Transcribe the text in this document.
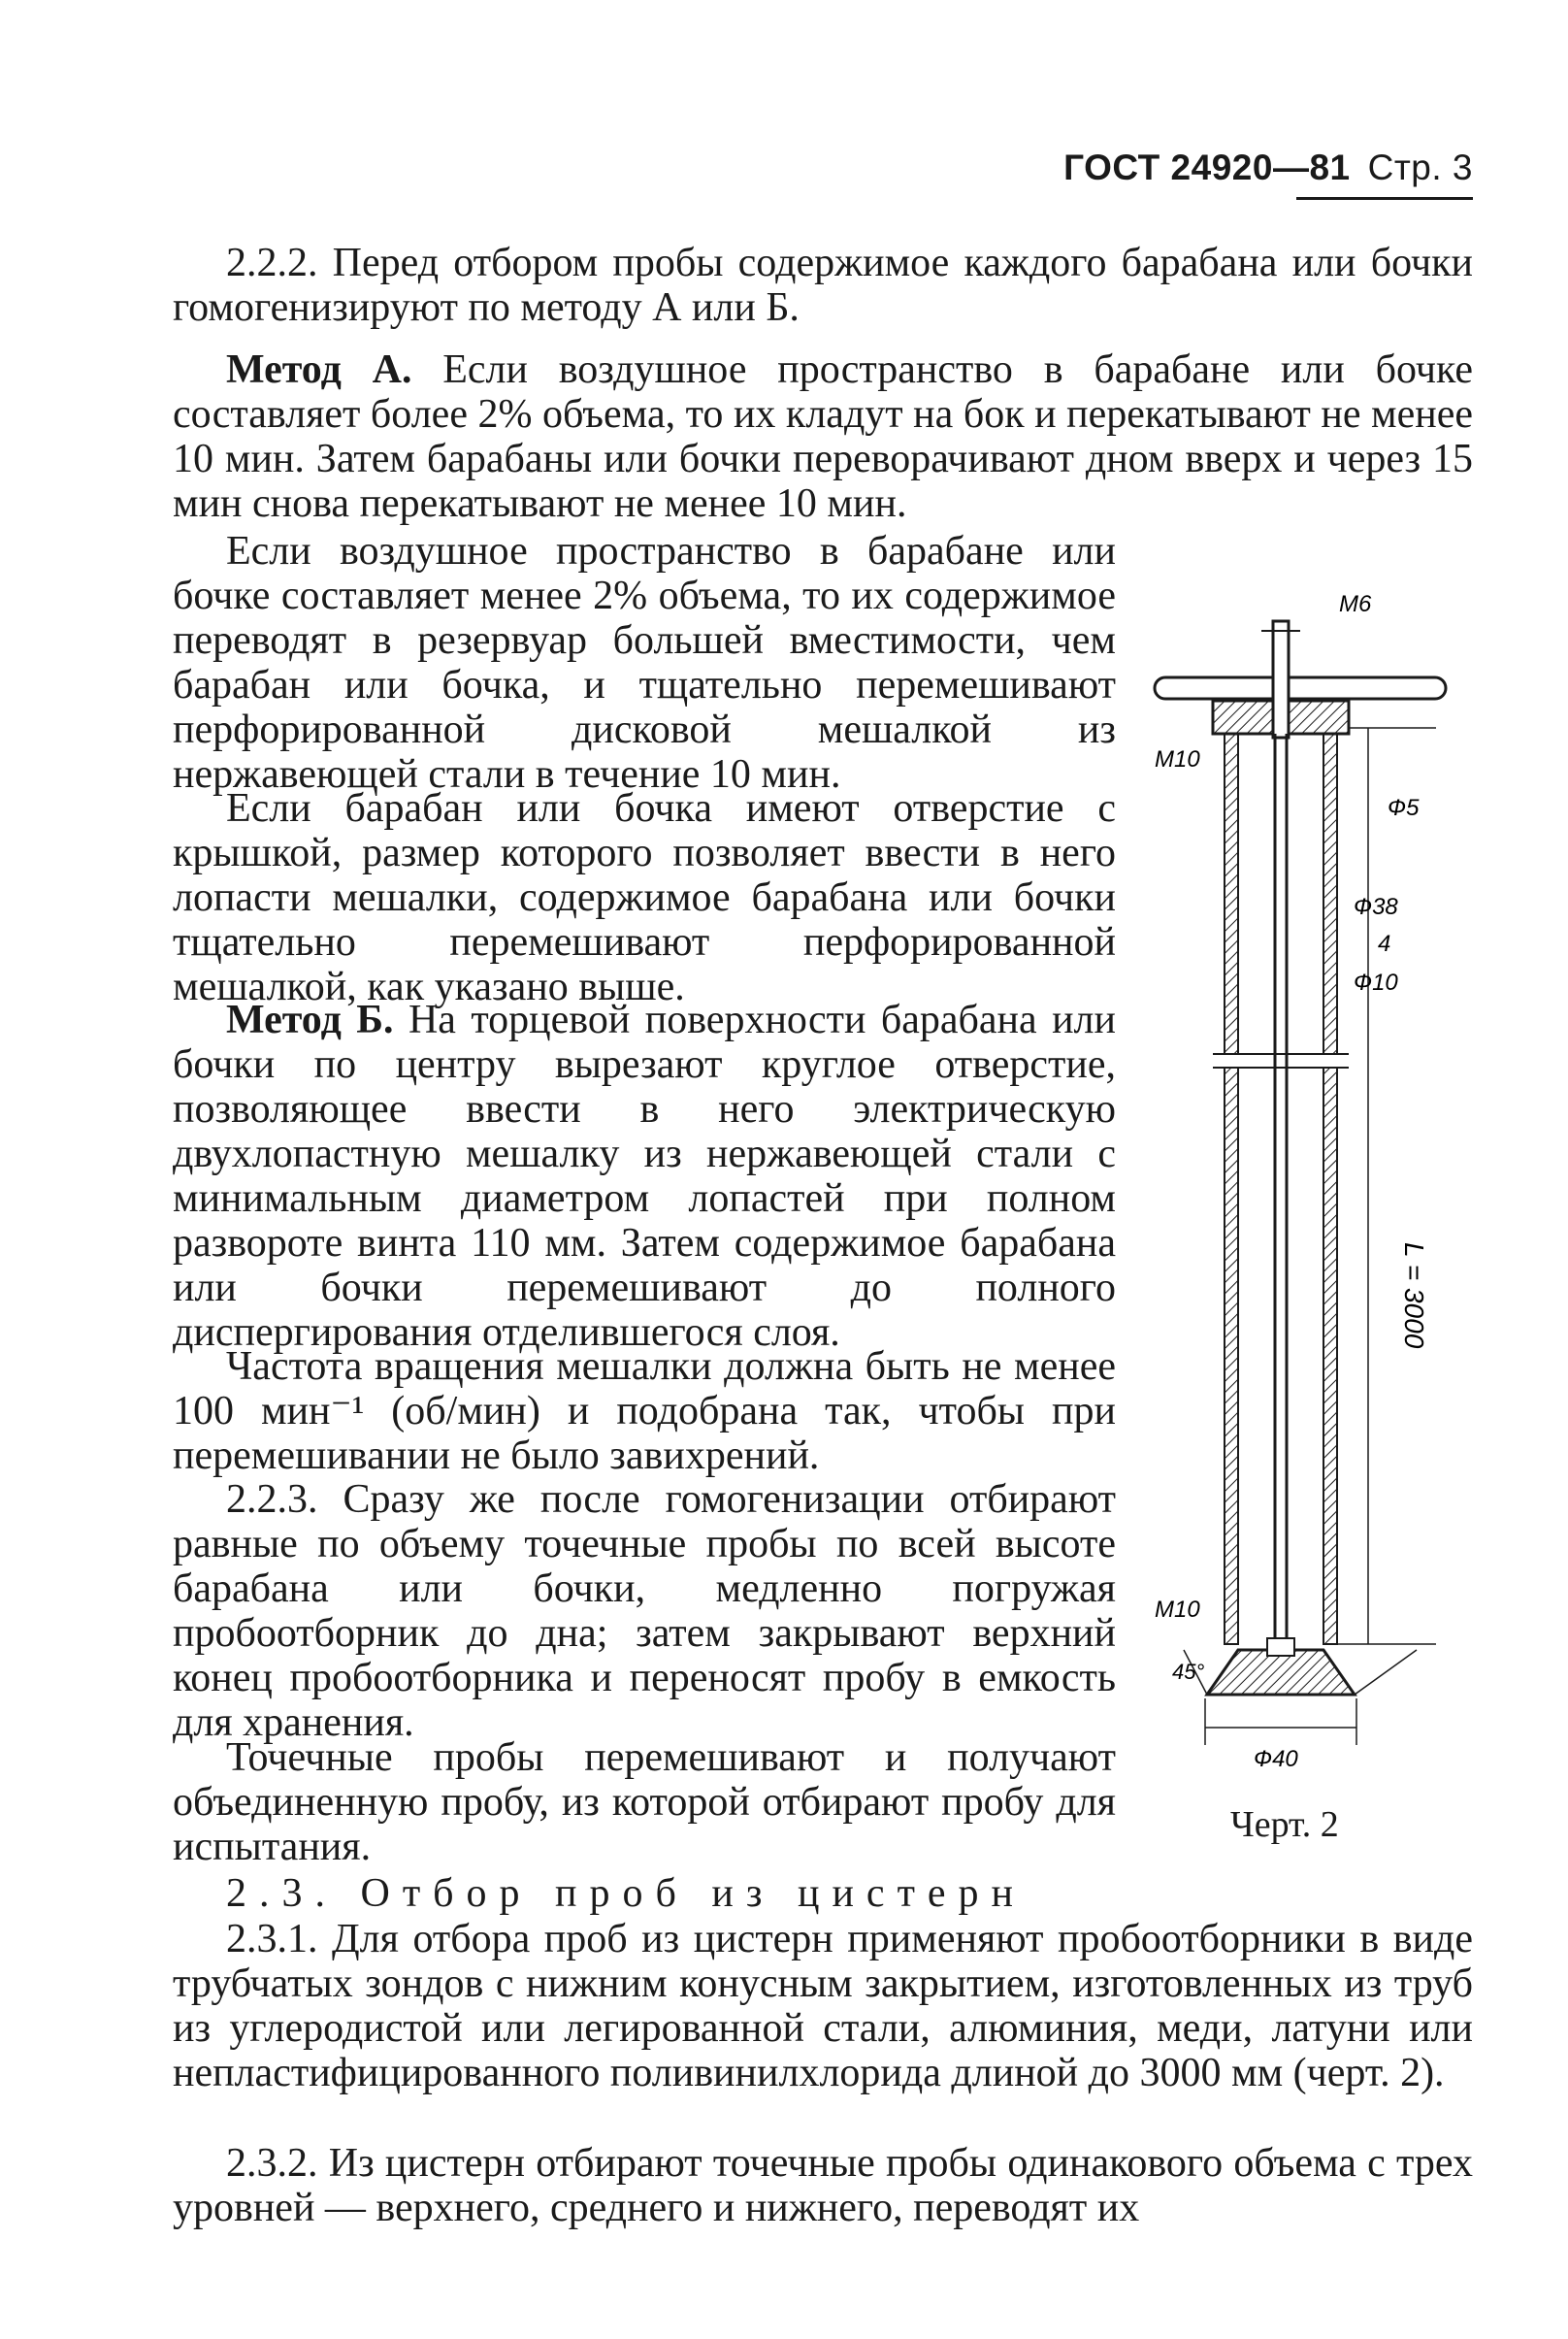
ГОСТ 24920—81 Стр. 3

2.2.2. Перед отбором пробы содержимое каждого барабана или бочки гомогенизируют по методу А или Б.

Метод А. Если воздушное пространство в барабане или бочке составляет более 2% объема, то их кладут на бок и перекатывают не менее 10 мин. Затем барабаны или бочки переворачивают дном вверх и через 15 мин снова перекатывают не менее 10 мин.

Если воздушное пространство в барабане или бочке составляет менее 2% объема, то их содержимое переводят в резервуар большей вместимости, чем барабан или бочка, и тщательно перемешивают перфорированной дисковой мешалкой из нержавеющей стали в течение 10 мин.

Если барабан или бочка имеют отверстие с крышкой, размер которого позволяет ввести в него лопасти мешалки, содержимое барабана или бочки тщательно перемешивают перфорированной мешалкой, как указано выше.

Метод Б. На торцевой поверхности барабана или бочки по центру вырезают круглое отверстие, позволяющее ввести в него электрическую двухлопастную мешалку из нержавеющей стали с минимальным диаметром лопастей при полном развороте винта 110 мм. Затем содержимое барабана или бочки перемешивают до полного диспергирования отделившегося слоя.

Частота вращения мешалки должна быть не менее 100 мин⁻¹ (об/мин) и подобрана так, чтобы при перемешивании не было завихрений.

2.2.3. Сразу же после гомогенизации отбирают равные по объему точечные пробы по всей высоте барабана или бочки, медленно погружая пробоотборник до дна; затем закрывают верхний конец пробоотборника и переносят пробу в емкость для хранения.

Точечные пробы перемешивают и получают объединенную пробу, из которой отбирают пробу для испытания.

2.3. Отбор проб из цистерн

2.3.1. Для отбора проб из цистерн применяют пробоотборники в виде трубчатых зондов с нижним конусным закрытием, изготовленных из труб из углеродистой или легированной стали, алюминия, меди, латуни или непластифицированного поливинилхлорида длиной до 3000 мм (черт. 2).

2.3.2. Из цистерн отбирают точечные пробы одинакового объема с трех уровней — верхнего, среднего и нижнего, переводят их

М6
М10
Ф5
Ф38
4
Ф10
L = 3000
М10
45°
Ф40
Черт. 2
